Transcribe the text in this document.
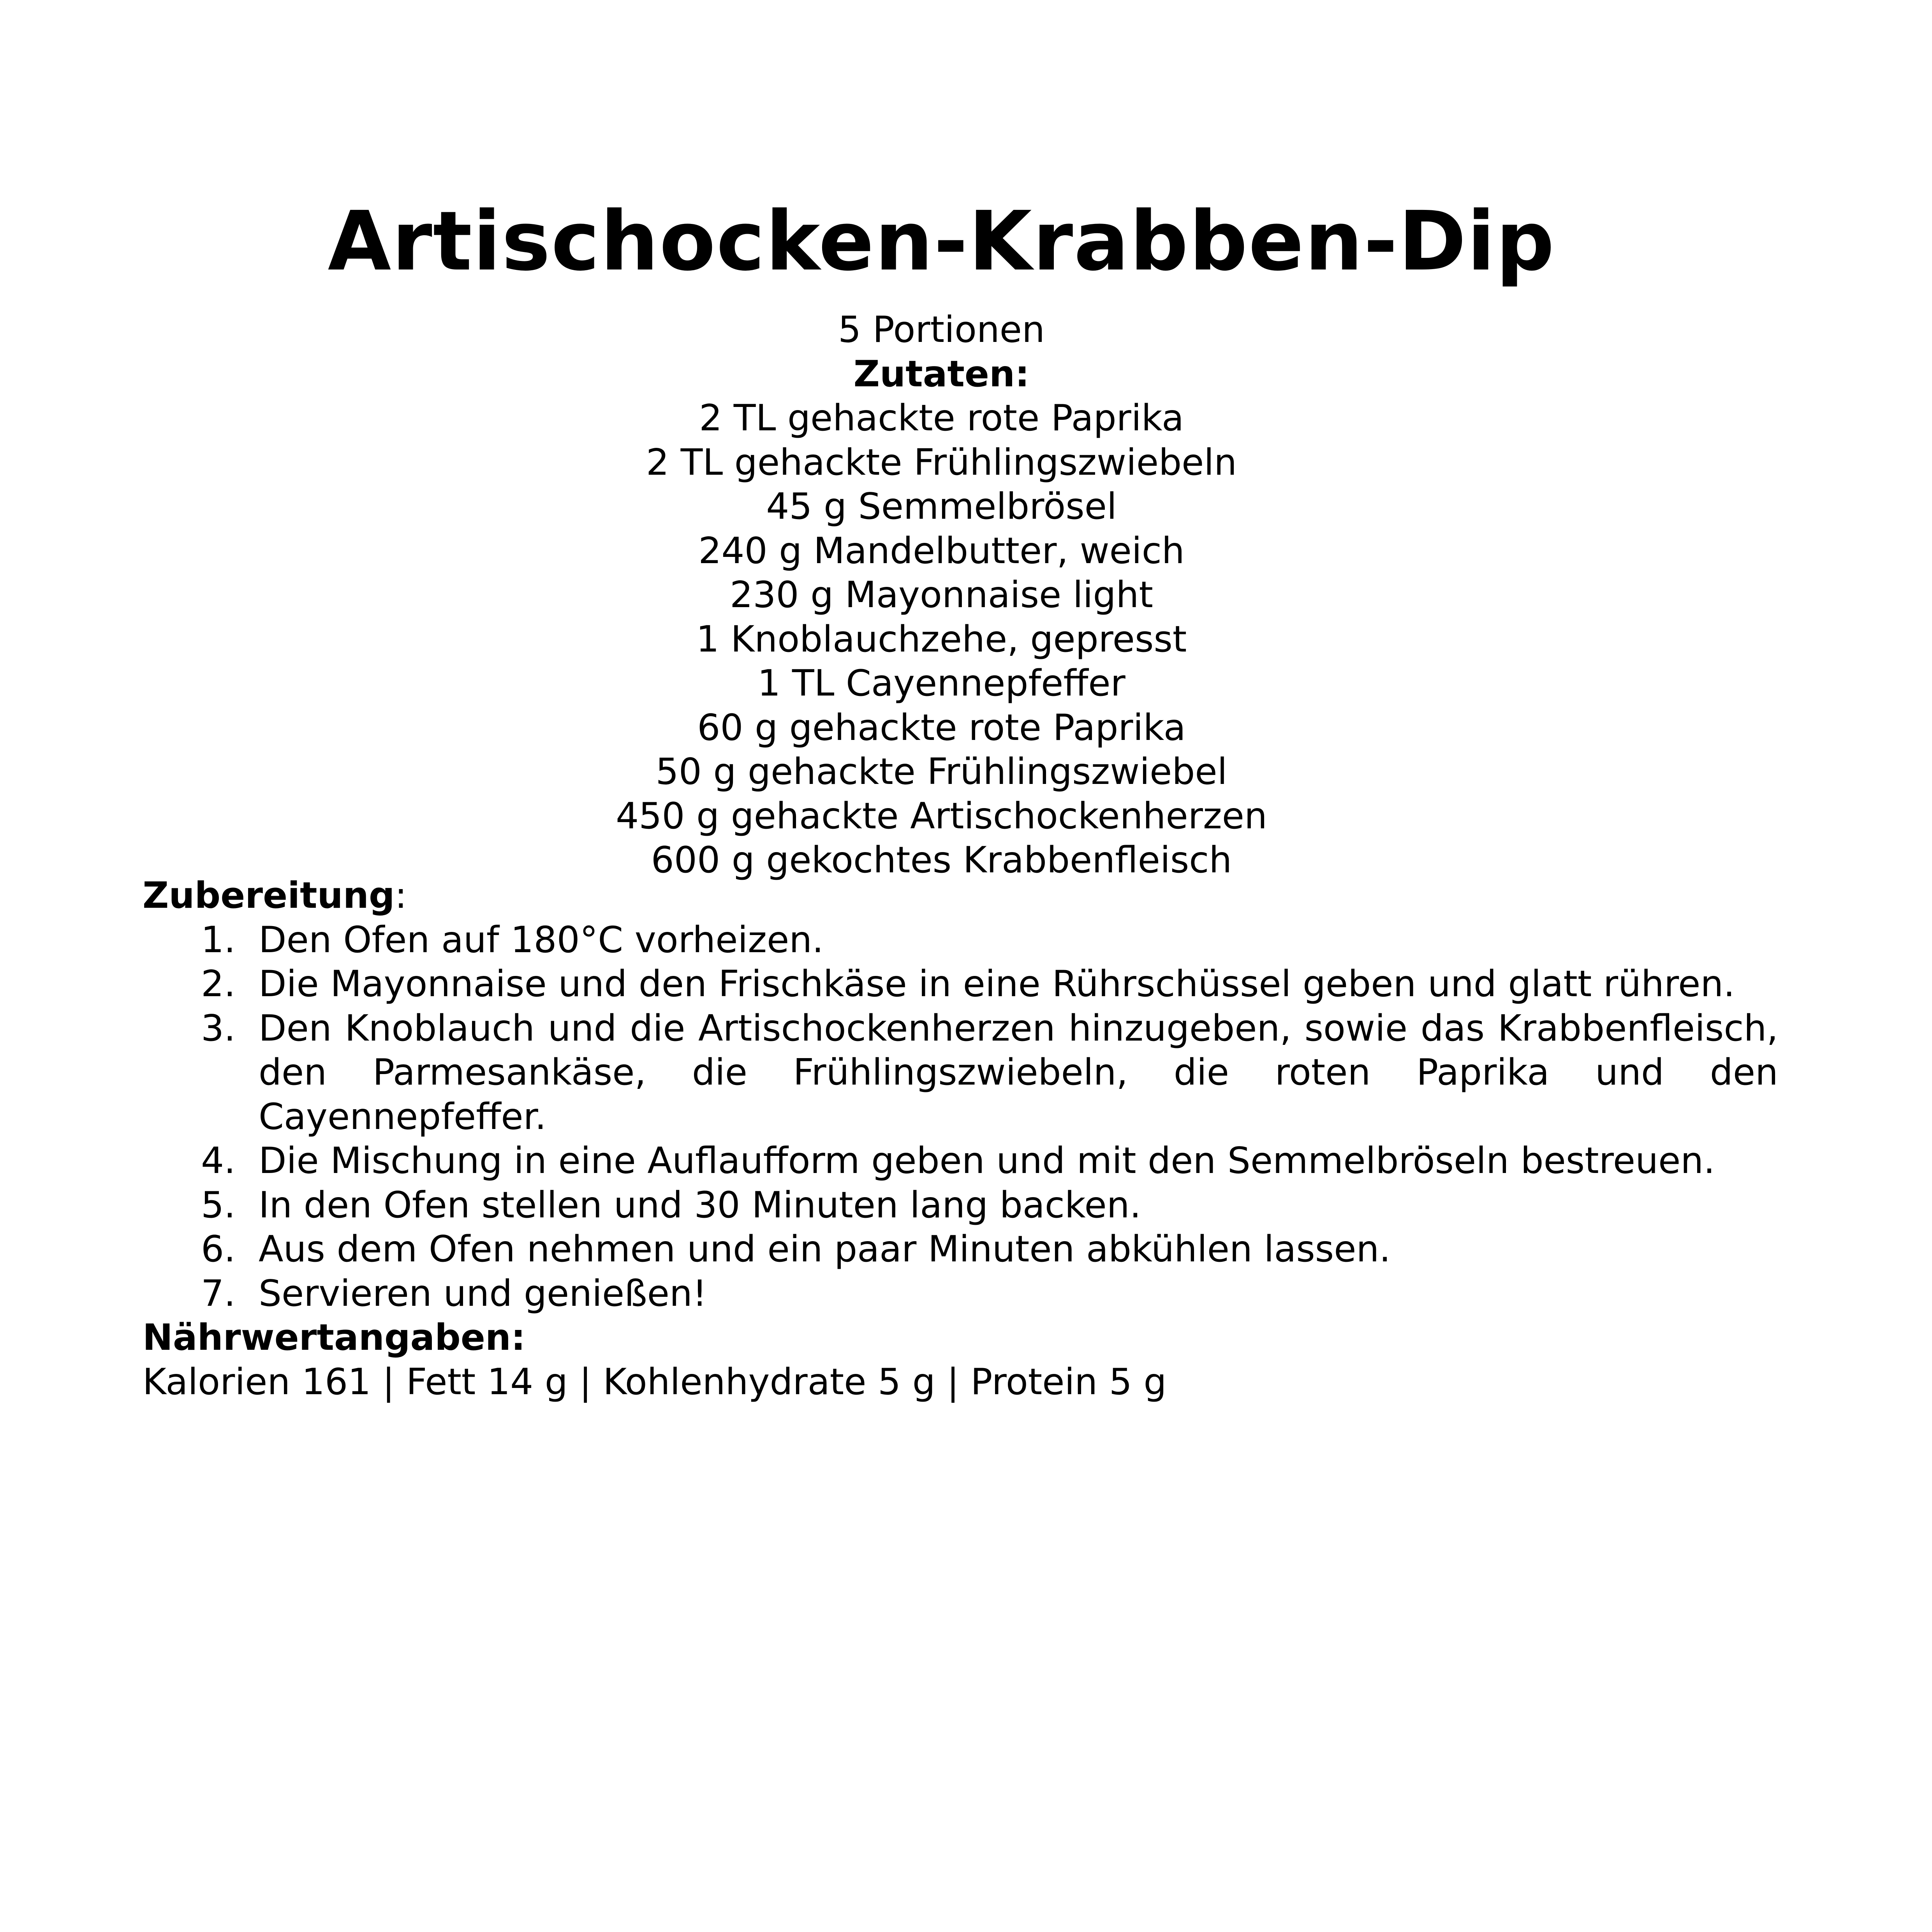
Artischocken-Krabben-Dip
5 Portionen
Zutaten:
2 TL gehackte rote Paprika
2 TL gehackte Frühlingszwiebeln
45 g Semmelbrösel
240 g Mandelbutter, weich
230 g Mayonnaise light
1 Knoblauchzehe, gepresst
1 TL Cayennepfeffer
60 g gehackte rote Paprika
50 g gehackte Frühlingszwiebel
450 g gehackte Artischockenherzen
600 g gekochtes Krabbenfleisch
Zubereitung:
1. Den Ofen auf 180°C vorheizen.
2. Die Mayonnaise und den Frischkäse in eine Rührschüssel geben und glatt rühren.
3. Den Knoblauch und die Artischockenherzen hinzugeben, sowie das Krabbenfleisch, den Parmesankäse, die Frühlingszwiebeln, die roten Paprika und den Cayennepfeffer.
4. Die Mischung in eine Auflaufform geben und mit den Semmelbröseln bestreuen.
5. In den Ofen stellen und 30 Minuten lang backen.
6. Aus dem Ofen nehmen und ein paar Minuten abkühlen lassen.
7. Servieren und genießen!
Nährwertangaben:
Kalorien 161 | Fett 14 g | Kohlenhydrate 5 g | Protein 5 g
